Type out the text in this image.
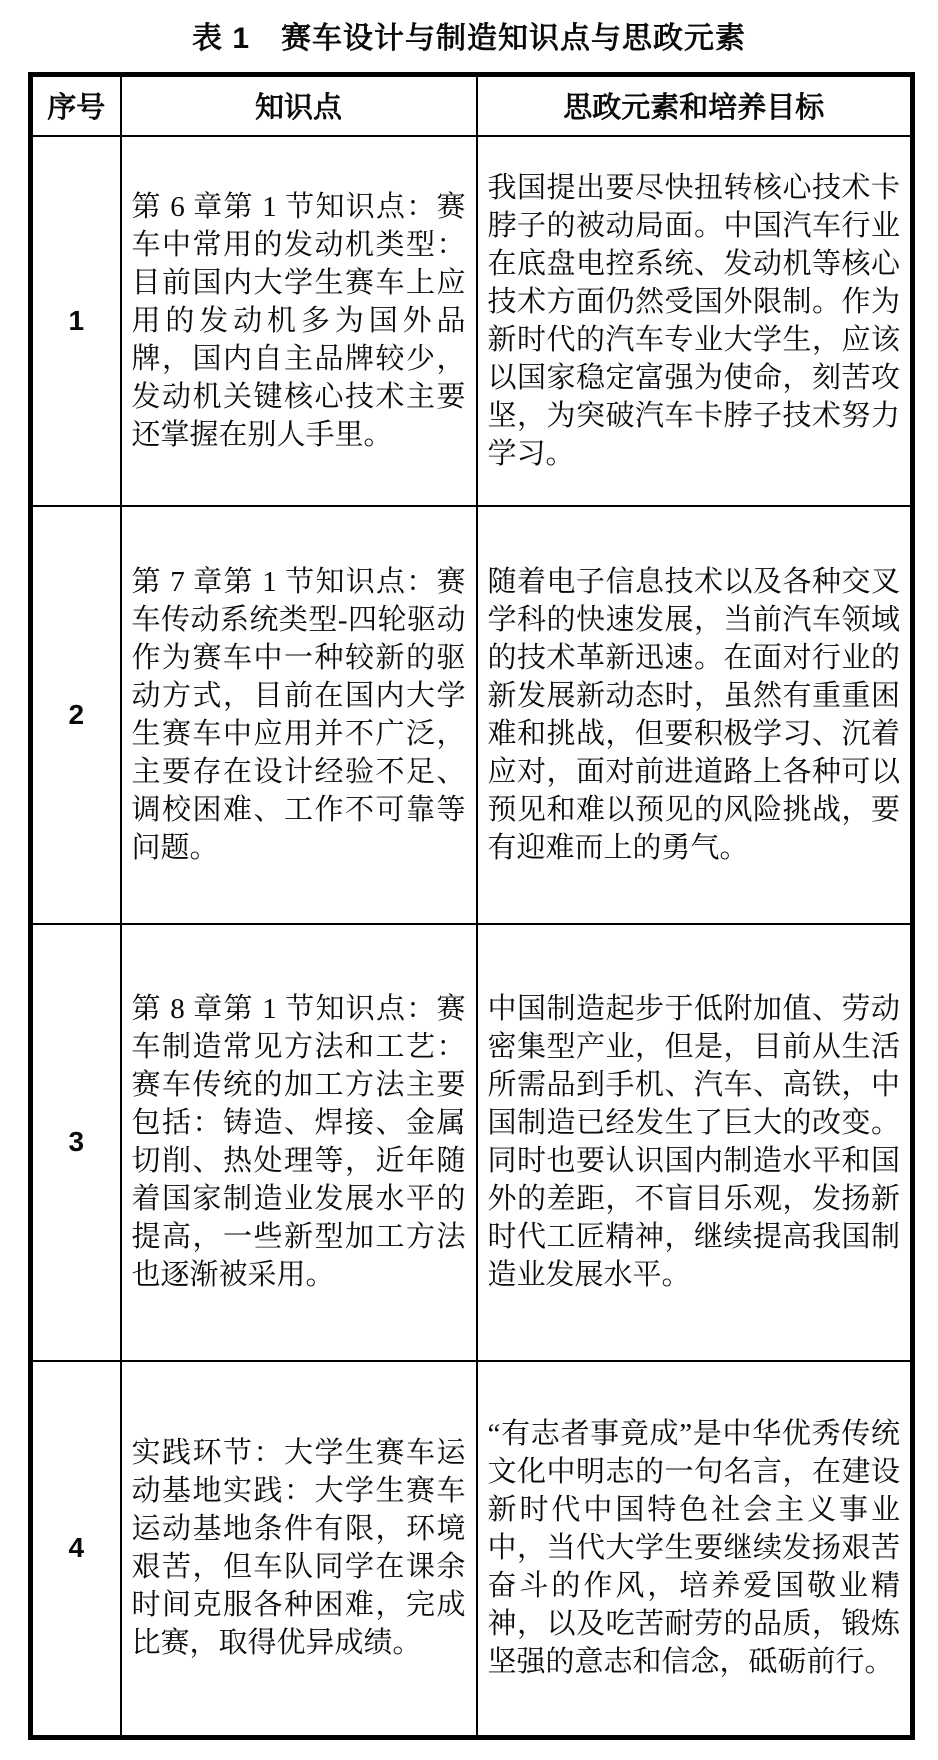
表 1　赛车设计与制造知识点与思政元素
序号	知识点	思政元素和培养目标
1	第 6 章第 1 节知识点：赛车中常用的发动机类型：目前国内大学生赛车上应用的发动机多为国外品牌，国内自主品牌较少，发动机关键核心技术主要还掌握在别人手里。	我国提出要尽快扭转核心技术卡脖子的被动局面。中国汽车行业在底盘电控系统、发动机等核心技术方面仍然受国外限制。作为新时代的汽车专业大学生，应该以国家稳定富强为使命，刻苦攻坚，为突破汽车卡脖子技术努力学习。
2	第 7 章第 1 节知识点：赛车传动系统类型-四轮驱动作为赛车中一种较新的驱动方式，目前在国内大学生赛车中应用并不广泛，主要存在设计经验不足、调校困难、工作不可靠等问题。	随着电子信息技术以及各种交叉学科的快速发展，当前汽车领域的技术革新迅速。在面对行业的新发展新动态时，虽然有重重困难和挑战，但要积极学习、沉着应对，面对前进道路上各种可以预见和难以预见的风险挑战，要有迎难而上的勇气。
3	第 8 章第 1 节知识点：赛车制造常见方法和工艺：赛车传统的加工方法主要包括：铸造、焊接、金属切削、热处理等，近年随着国家制造业发展水平的提高，一些新型加工方法也逐渐被采用。	中国制造起步于低附加值、劳动密集型产业，但是，目前从生活所需品到手机、汽车、高铁，中国制造已经发生了巨大的改变。同时也要认识国内制造水平和国外的差距，不盲目乐观，发扬新时代工匠精神，继续提高我国制造业发展水平。
4	实践环节：大学生赛车运动基地实践：大学生赛车运动基地条件有限，环境艰苦，但车队同学在课余时间克服各种困难，完成比赛，取得优异成绩。	“有志者事竟成”是中华优秀传统文化中明志的一句名言，在建设新时代中国特色社会主义事业中，当代大学生要继续发扬艰苦奋斗的作风，培养爱国敬业精神，以及吃苦耐劳的品质，锻炼坚强的意志和信念，砥砺前行。
